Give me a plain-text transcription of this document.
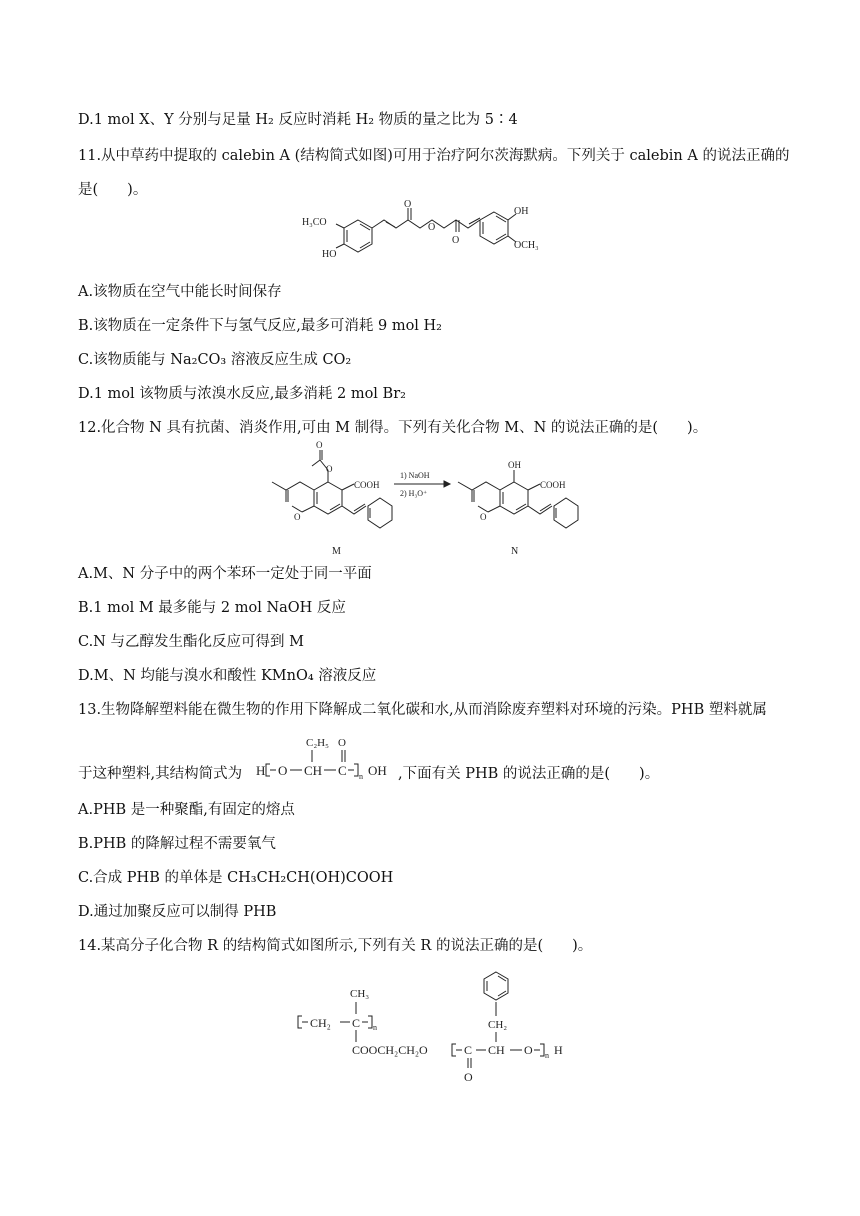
D.1 mol X、Y 分别与足量 H₂ 反应时消耗 H₂ 物质的量之比为 5∶4
11.从中草药中提取的 calebin A (结构简式如图)可用于治疗阿尔茨海默病。下列关于 calebin A 的说法正确的
是(　　)。
H₃CO
HO
O
O
O
OH
OCH₃
A.该物质在空气中能长时间保存
B.该物质在一定条件下与氢气反应,最多可消耗 9 mol H₂
C.该物质能与 Na₂CO₃ 溶液反应生成 CO₂
D.1 mol 该物质与浓溴水反应,最多消耗 2 mol Br₂
12.化合物 N 具有抗菌、消炎作用,可由 M 制得。下列有关化合物 M、N 的说法正确的是(　　)。
O
O
COOH
O
M
1) NaOH
2) H₃O⁺
OH
COOH
O
N
A.M、N 分子中的两个苯环一定处于同一平面
B.1 mol M 最多能与 2 mol NaOH 反应
C.N 与乙醇发生酯化反应可得到 M
D.M、N 均能与溴水和酸性 KMnO₄ 溶液反应
13.生物降解塑料能在微生物的作用下降解成二氧化碳和水,从而消除废弃塑料对环境的污染。PHB 塑料就属
于这种塑料,其结构简式为 H O CH
C₂H₅
C
O
n OH ,下面有关 PHB 的说法正确的是(　　)。
A.PHB 是一种聚酯,有固定的熔点
B.PHB 的降解过程不需要氧气
C.合成 PHB 的单体是 CH₃CH₂CH(OH)COOH
D.通过加聚反应可以制得 PHB
14.某高分子化合物 R 的结构简式如图所示,下列有关 R 的说法正确的是(　　)。
CH₂ C
CH₃
n
COOCH₂CH₂O	C
O
CH
CH₂
O n H
